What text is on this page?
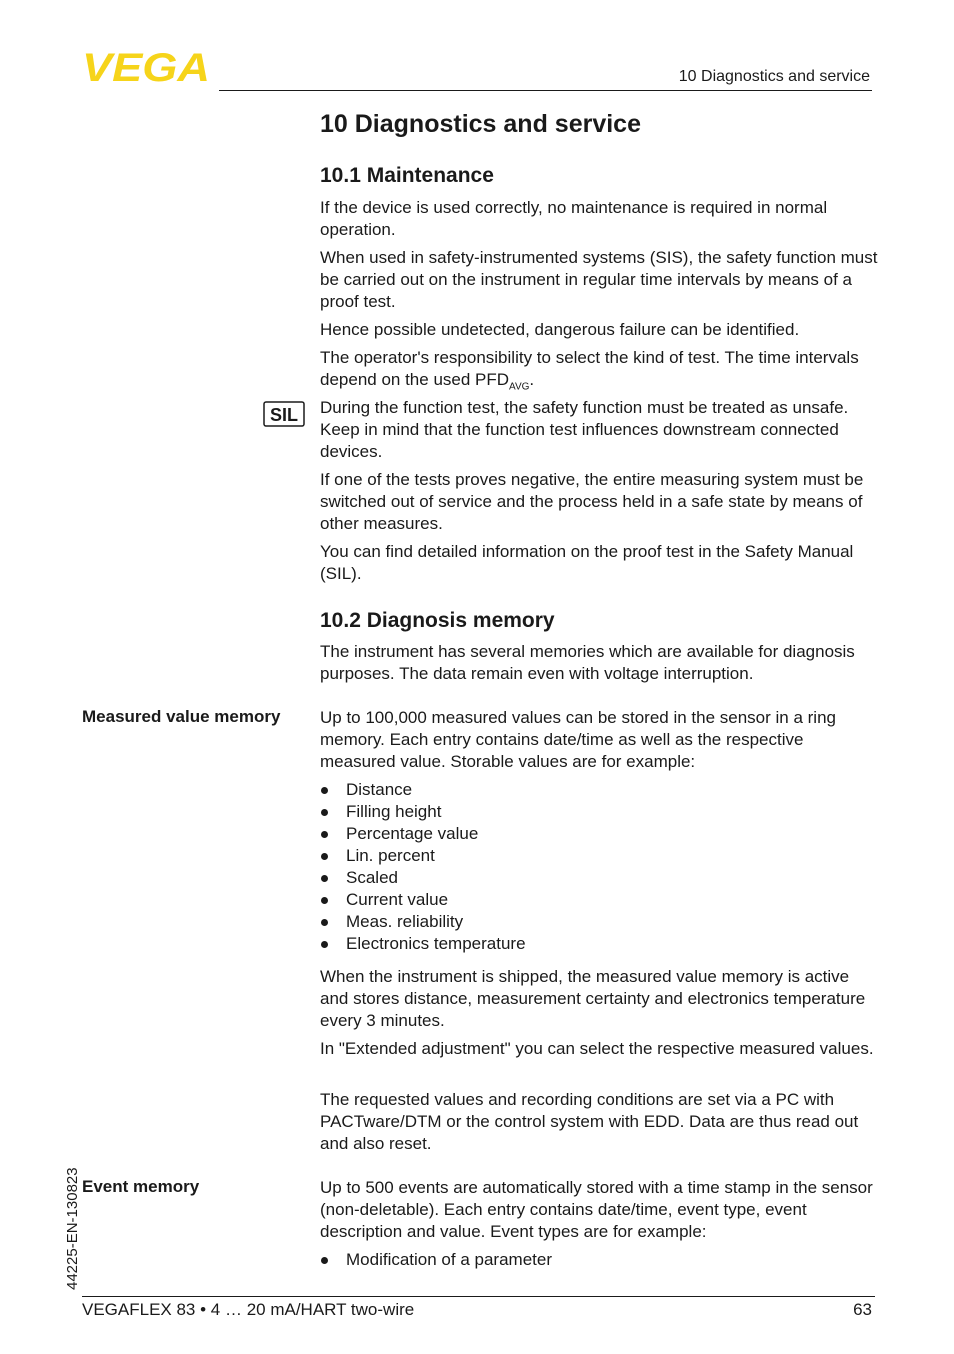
VEGA	10 Diagnostics and service
10 Diagnostics and service
10.1 Maintenance

If the device is used correctly, no maintenance is required in normal operation.

When used in safety-instrumented systems (SIS), the safety function must be carried out on the instrument in regular time intervals by means of a proof test.

Hence possible undetected, dangerous failure can be identified.

The operator's responsibility to select the kind of test. The time intervals depend on the used $PFD_{AVG}$.

SIL During the function test, the safety function must be treated as unsafe. Keep in mind that the function test influences downstream connected devices.

If one of the tests proves negative, the entire measuring system must be switched out of service and the process held in a safe state by means of other measures.

You can find detailed information on the proof test in the Safety Manual (SIL).

10.2 Diagnosis memory

The instrument has several memories which are available for diagnosis purposes. The data remain even with voltage interruption.

Measured value memory Up to 100,000 measured values can be stored in the sensor in a ring memory. Each entry contains date/time as well as the respective measured value. Storable values are for example:

Distance
Filling height
Percentage value
Lin. percent
Scaled
Current value
Meas. reliability
Electronics temperature

When the instrument is shipped, the measured value memory is active and stores distance, measurement certainty and electronics temperature every 3 minutes.

In "Extended adjustment" you can select the respective measured values.

The requested values and recording conditions are set via a PC with PACTware/DTM or the control system with EDD. Data are thus read out and also reset.

Event memory	Up to 500 events are automatically stored with a time stamp in the sensor (non-deletable). Each entry contains date/time, event type, event description and value. Event types are for example:

Modification of a parameter
44225-EN-130823
VEGAFLEX 83 • 4 … 20 mA/HART two-wire	63
